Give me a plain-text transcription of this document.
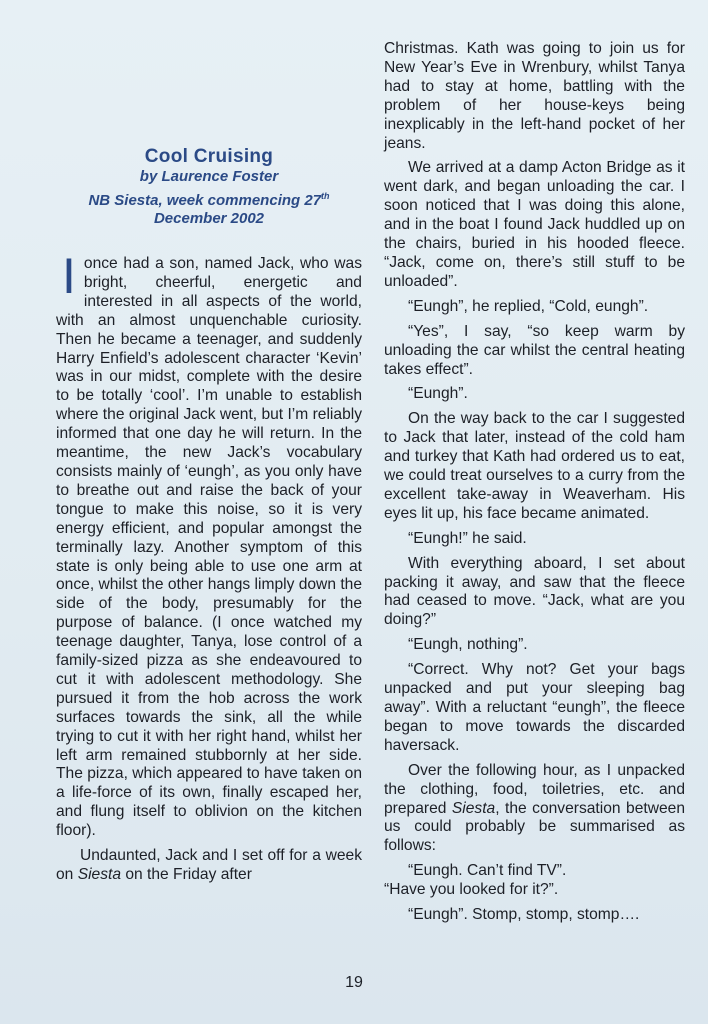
Cool Cruising
by Laurence Foster
NB Siesta, week commencing 27th
December 2002

Ionce had a son, named Jack, who was bright, cheerful, energetic and interested in all aspects of the world, with an almost unquenchable curiosity. Then he became a teenager, and suddenly Harry Enfield’s adolescent character ‘Kevin’ was in our midst, complete with the desire to be totally ‘cool’. I’m unable to establish where the original Jack went, but I’m reliably informed that one day he will return. In the meantime, the new Jack’s vocabulary consists mainly of ‘eungh’, as you only have to breathe out and raise the back of your tongue to make this noise, so it is very energy efficient, and popular amongst the terminally lazy. Another symptom of this state is only being able to use one arm at once, whilst the other hangs limply down the side of the body, presumably for the purpose of balance. (I once watched my teenage daughter, Tanya, lose control of a family-sized pizza as she endeavoured to cut it with adolescent methodology. She pursued it from the hob across the work surfaces towards the sink, all the while trying to cut it with her right hand, whilst her left arm remained stubbornly at her side. The pizza, which appeared to have taken on a life-force of its own, finally escaped her, and flung itself to oblivion on the kitchen floor).

Undaunted, Jack and I set off for a week on Siesta on the Friday after

Christmas. Kath was going to join us for New Year’s Eve in Wrenbury, whilst Tanya had to stay at home, battling with the problem of her house-keys being inexplicably in the left-hand pocket of her jeans.

We arrived at a damp Acton Bridge as it went dark, and began unloading the car. I soon noticed that I was doing this alone, and in the boat I found Jack huddled up on the chairs, buried in his hooded fleece. “Jack, come on, there’s still stuff to be unloaded”.

“Eungh”, he replied, “Cold, eungh”.

“Yes”, I say, “so keep warm by unloading the car whilst the central heating takes effect”.

“Eungh”.

On the way back to the car I suggested to Jack that later, instead of the cold ham and turkey that Kath had ordered us to eat, we could treat ourselves to a curry from the excellent take-away in Weaverham. His eyes lit up, his face became animated.

“Eungh!” he said.

With everything aboard, I set about packing it away, and saw that the fleece had ceased to move. “Jack, what are you doing?”

“Eungh, nothing”.

“Correct. Why not? Get your bags unpacked and put your sleeping bag away”. With a reluctant “eungh”, the fleece began to move towards the discarded haversack.

Over the following hour, as I unpacked the clothing, food, toiletries, etc. and prepared Siesta, the conversation between us could probably be summarised as follows:

“Eungh. Can’t find TV”.

“Have you looked for it?”.

“Eungh”. Stomp, stomp, stomp….

19
